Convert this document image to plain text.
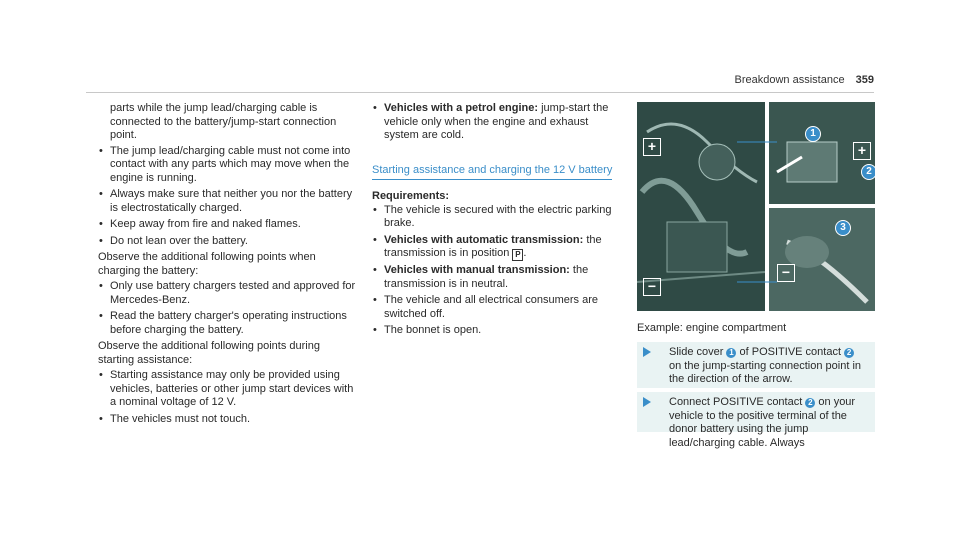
Breakdown assistance 359

parts while the jump lead/charging cable is connected to the battery/jump-start connection point.

• The jump lead/charging cable must not come into contact with any parts which may move when the engine is running.
• Always make sure that neither you nor the battery is electrostatically charged.
• Keep away from fire and naked flames.
• Do not lean over the battery.

Observe the additional following points when charging the battery:

• Only use battery chargers tested and approved for Mercedes-Benz.
• Read the battery charger's operating instructions before charging the battery.

Observe the additional following points during starting assistance:

• Starting assistance may only be provided using vehicles, batteries or other jump start devices with a nominal voltage of 12 V.
• The vehicles must not touch.
• Vehicles with a petrol engine: jump-start the vehicle only when the engine and exhaust system are cold.
Starting assistance and charging the 12 V battery

Requirements:

• The vehicle is secured with the electric parking brake.
• Vehicles with automatic transmission: the transmission is in position P .
• Vehicles with manual transmission: the transmission is in neutral.
• The vehicle and all electrical consumers are switched off.
• The bonnet is open.
+
−
+
−
1
2
3
Example: engine compartment
Slide cover 1 of POSITIVE contact 2 on the jump-starting connection point in the direction of the arrow.
Connect POSITIVE contact 2 on your vehicle to the positive terminal of the donor battery using the jump lead/charging cable. Always
